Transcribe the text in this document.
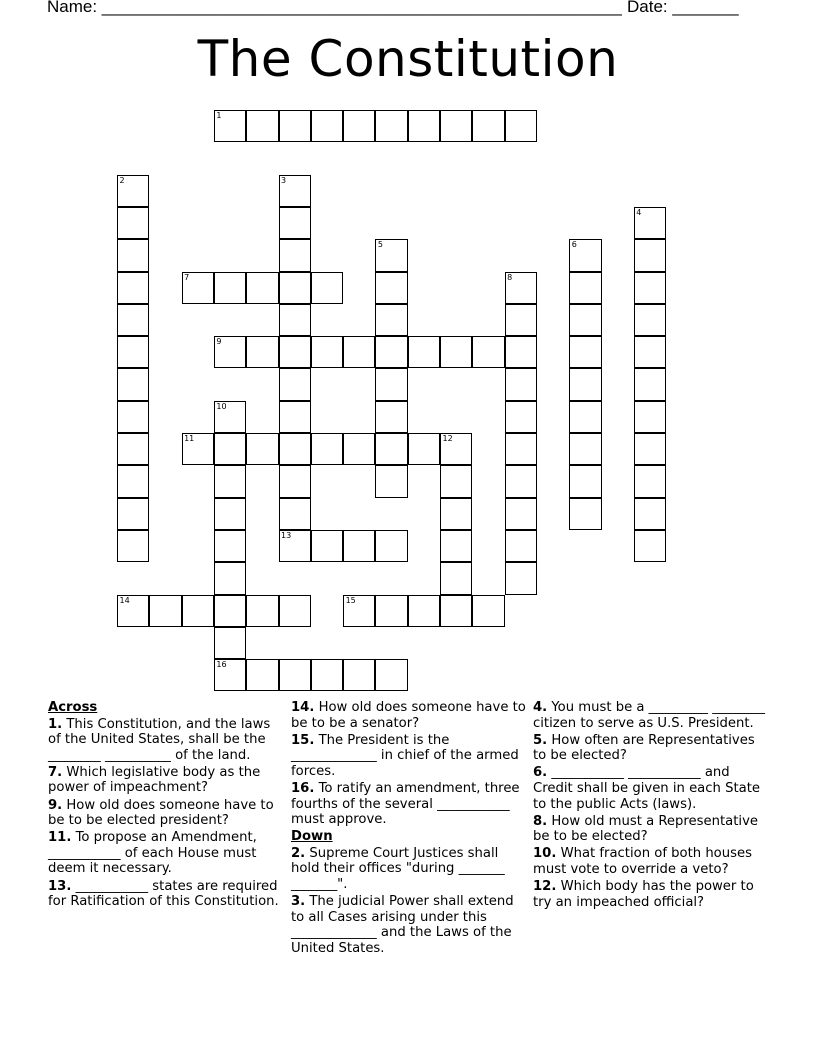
Name: _______________________________________________________ Date: _______
The Constitution
1
2	3
13
4
5	6
7	8
9
10
16
11	12
14	15
Across
1. This Constitution, and the laws of the United States, shall be the ________ __________ of the land.
7. Which legislative body as the power of impeachment?
9. How old does someone have to be to be elected president?
11. To propose an Amendment, ___________ of each House must deem it necessary.
13. ___________ states are required for Ratification of this Constitution.
14. How old does someone have to be to be a senator?
15. The President is the _____________ in chief of the armed forces.
16. To ratify an amendment, three fourths of the several ___________ must approve.
Down
2. Supreme Court Justices shall hold their offices "during _______ _______".
3. The judicial Power shall extend to all Cases arising under this _____________ and the Laws of the United States.
4. You must be a _________ ________ citizen to serve as U.S. President.
5. How often are Representatives to be elected?
6. ___________ ___________ and Credit shall be given in each State to the public Acts (laws).
8. How old must a Representative be to be elected?
10. What fraction of both houses must vote to override a veto?
12. Which body has the power to try an impeached official?
